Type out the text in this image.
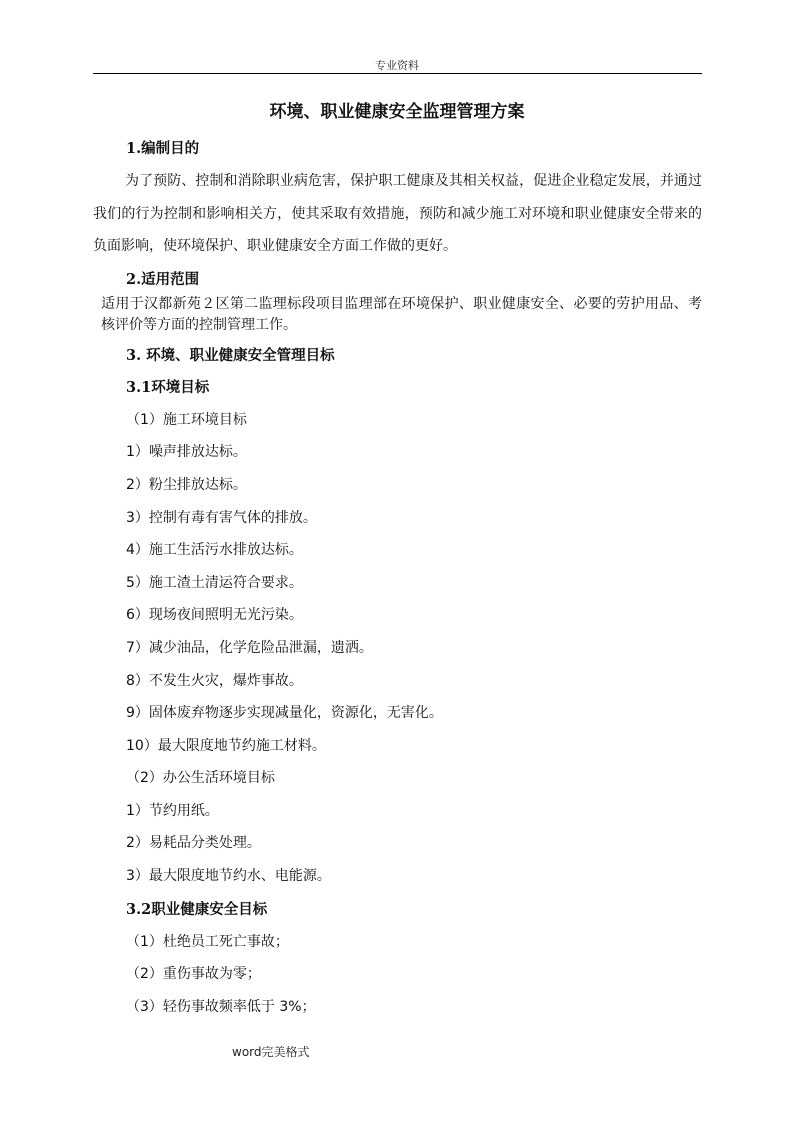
专业资料
环境、职业健康安全监理管理方案
1.编制目的
为了预防、控制和消除职业病危害，保护职工健康及其相关权益，促进企业稳定发展，并通过我们的行为控制和影响相关方，使其采取有效措施，预防和减少施工对环境和职业健康安全带来的负面影响，使环境保护、职业健康安全方面工作做的更好。
2.适用范围
适用于汉都新苑２区第二监理标段项目监理部在环境保护、职业健康安全、必要的劳护用品、考核评价等方面的控制管理工作。
3. 环境、职业健康安全管理目标
3.1环境目标
（1）施工环境目标
1）噪声排放达标。
2）粉尘排放达标。
3）控制有毒有害气体的排放。
4）施工生活污水排放达标。
5）施工渣土清运符合要求。
6）现场夜间照明无光污染。
7）减少油品，化学危险品泄漏，遗洒。
8）不发生火灾，爆炸事故。
9）固体废弃物逐步实现减量化，资源化，无害化。
10）最大限度地节约施工材料。
（2）办公生活环境目标
1）节约用纸。
2）易耗品分类处理。
3）最大限度地节约水、电能源。
3.2职业健康安全目标
（1）杜绝员工死亡事故；
（2）重伤事故为零；
（3）轻伤事故频率低于 3%；
word完美格式
